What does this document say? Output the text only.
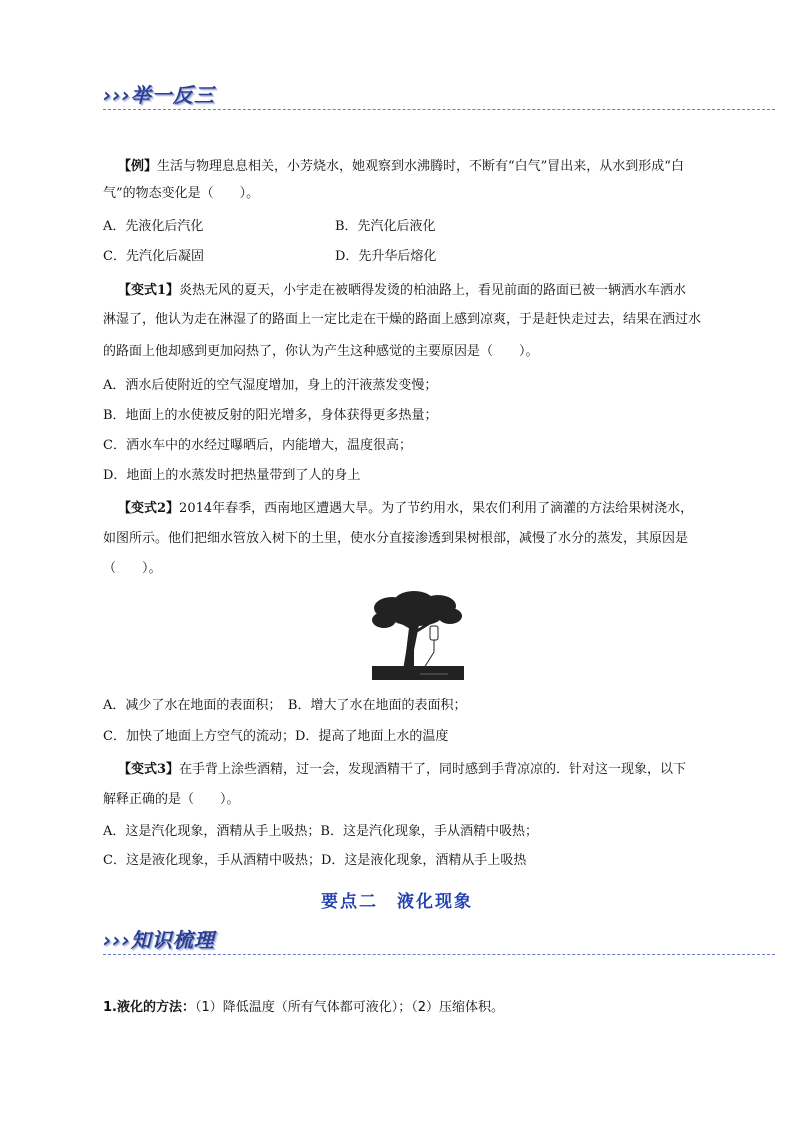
›››举一反三
【例】生活与物理息息相关，小芳烧水，她观察到水沸腾时，不断有“白气”冒出来，从水到形成“白
气”的物态变化是（　　）。
A．先液化后汽化	B．先汽化后液化
C．先汽化后凝固	D．先升华后熔化
【变式1】炎热无风的夏天，小宇走在被晒得发烫的柏油路上，看见前面的路面已被一辆洒水车洒水
淋湿了，他认为走在淋湿了的路面上一定比走在干燥的路面上感到凉爽，于是赶快走过去，结果在洒过水
的路面上他却感到更加闷热了，你认为产生这种感觉的主要原因是（　　）。
A．洒水后使附近的空气湿度增加，身上的汗液蒸发变慢；
B．地面上的水使被反射的阳光增多，身体获得更多热量；
C．洒水车中的水经过曝晒后，内能增大，温度很高；
D．地面上的水蒸发时把热量带到了人的身上
【变式2】2014年春季，西南地区遭遇大旱。为了节约用水，果农们利用了滴灌的方法给果树浇水，
如图所示。他们把细水管放入树下的土里，使水分直接渗透到果树根部，减慢了水分的蒸发，其原因是
（　　）。
A．减少了水在地面的表面积；　B．增大了水在地面的表面积；
C．加快了地面上方空气的流动；D．提高了地面上水的温度
【变式3】在手背上涂些酒精，过一会，发现酒精干了，同时感到手背凉凉的．针对这一现象，以下
解释正确的是（　　）。
A．这是汽化现象，酒精从手上吸热；B．这是汽化现象，手从酒精中吸热；
C．这是液化现象，手从酒精中吸热；D．这是液化现象，酒精从手上吸热
要点二　液化现象
›››知识梳理
1.液化的方法：（1）降低温度（所有气体都可液化）；（2）压缩体积。
